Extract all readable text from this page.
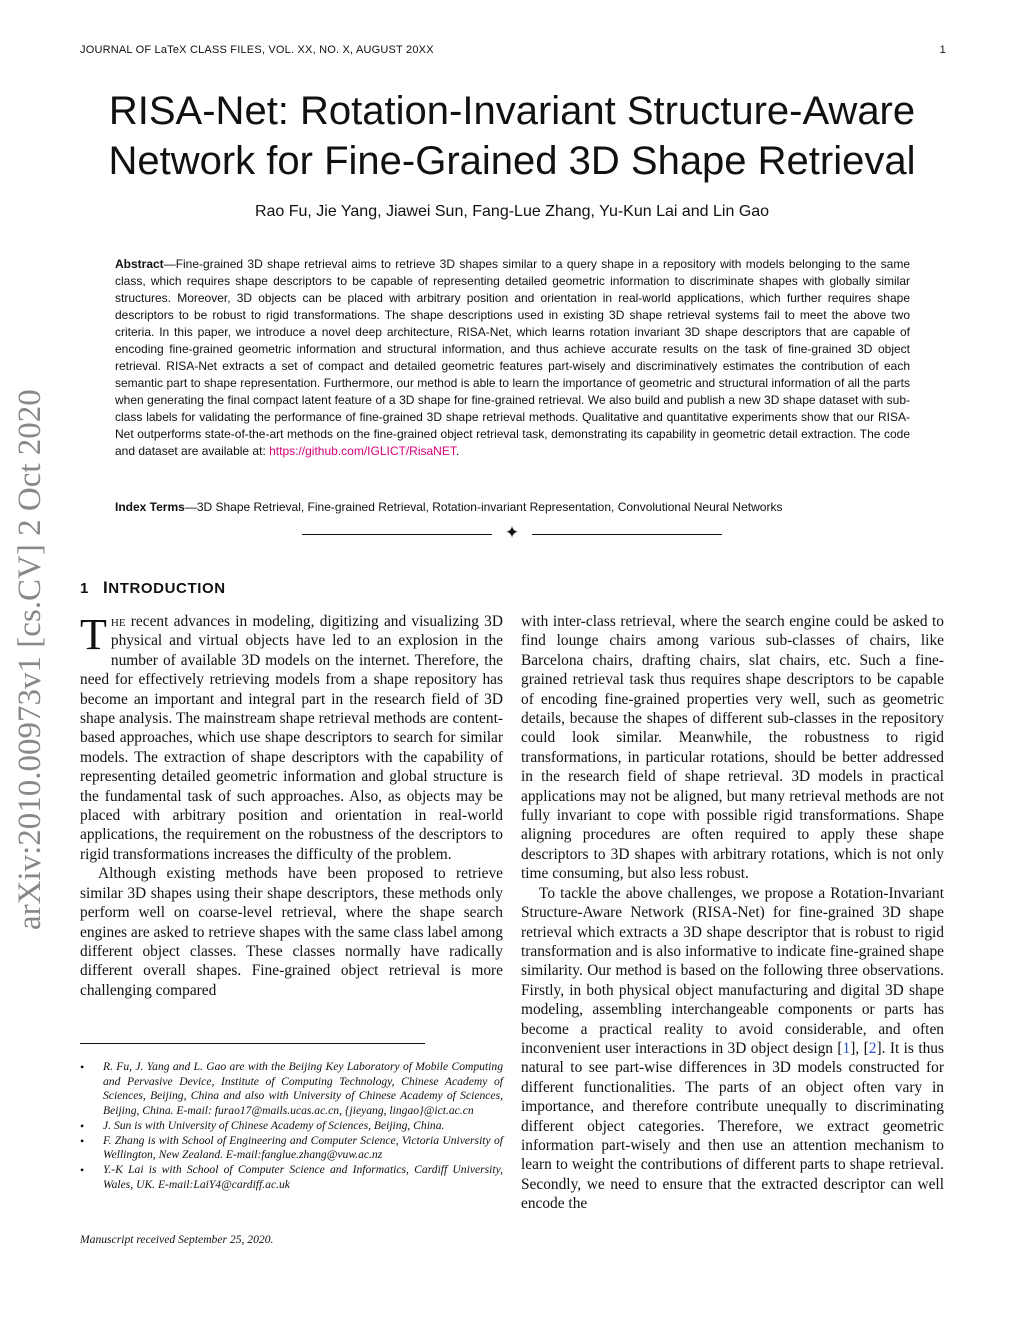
JOURNAL OF LaTeX CLASS FILES, VOL. XX, NO. X, AUGUST 20XX	1
RISA-Net: Rotation-Invariant Structure-Aware Network for Fine-Grained 3D Shape Retrieval
Rao Fu, Jie Yang, Jiawei Sun, Fang-Lue Zhang, Yu-Kun Lai and Lin Gao

Abstract—Fine-grained 3D shape retrieval aims to retrieve 3D shapes similar to a query shape in a repository with models belonging to the same class, which requires shape descriptors to be capable of representing detailed geometric information to discriminate shapes with globally similar structures. Moreover, 3D objects can be placed with arbitrary position and orientation in real-world applications, which further requires shape descriptors to be robust to rigid transformations. The shape descriptions used in existing 3D shape retrieval systems fail to meet the above two criteria. In this paper, we introduce a novel deep architecture, RISA-Net, which learns rotation invariant 3D shape descriptors that are capable of encoding fine-grained geometric information and structural information, and thus achieve accurate results on the task of fine-grained 3D object retrieval. RISA-Net extracts a set of compact and detailed geometric features part-wisely and discriminatively estimates the contribution of each semantic part to shape representation. Furthermore, our method is able to learn the importance of geometric and structural information of all the parts when generating the final compact latent feature of a 3D shape for fine-grained retrieval. We also build and publish a new 3D shape dataset with sub-class labels for validating the performance of fine-grained 3D shape retrieval methods. Qualitative and quantitative experiments show that our RISA-Net outperforms state-of-the-art methods on the fine-grained object retrieval task, demonstrating its capability in geometric detail extraction. The code and dataset are available at: https://github.com/IGLICT/RisaNET.

Index Terms—3D Shape Retrieval, Fine-grained Retrieval, Rotation-invariant Representation, Convolutional Neural Networks

✦
arXiv:2010.00973v1 [cs.CV] 2 Oct 2020	1 INTRODUCTION

The recent advances in modeling, digitizing and visualizing 3D physical and virtual objects have led to an explosion in the number of available 3D models on the internet. Therefore, the need for effectively retrieving models from a shape repository has become an important and integral part in the research field of 3D shape analysis. The mainstream shape retrieval methods are content-based approaches, which use shape descriptors to search for similar models. The extraction of shape descriptors with the capability of representing detailed geometric information and global structure is the fundamental task of such approaches. Also, as objects may be placed with arbitrary position and orientation in real-world applications, the requirement on the robustness of the descriptors to rigid transformations increases the difficulty of the problem.

Although existing methods have been proposed to retrieve similar 3D shapes using their shape descriptors, these methods only perform well on coarse-level retrieval, where the shape search engines are asked to retrieve shapes with the same class label among different object classes. These classes normally have radically different overall shapes. Fine-grained object retrieval is more challenging compared

• R. Fu, J. Yang and L. Gao are with the Beijing Key Laboratory of Mobile Computing and Pervasive Device, Institute of Computing Technology, Chinese Academy of Sciences, Beijing, China and also with University of Chinese Academy of Sciences, Beijing, China. E-mail: furao17@mails.ucas.ac.cn, {jieyang, lingao}@ict.ac.cn
• J. Sun is with University of Chinese Academy of Sciences, Beijing, China.
• F. Zhang is with School of Engineering and Computer Science, Victoria University of Wellington, New Zealand. E-mail:fanglue.zhang@vuw.ac.nz
• Y.-K Lai is with School of Computer Science and Informatics, Cardiff University, Wales, UK. E-mail:LaiY4@cardiff.ac.uk
Manuscript received September 25, 2020.

with inter-class retrieval, where the search engine could be asked to find lounge chairs among various sub-classes of chairs, like Barcelona chairs, drafting chairs, slat chairs, etc. Such a fine-grained retrieval task thus requires shape descriptors to be capable of encoding fine-grained properties very well, such as geometric details, because the shapes of different sub-classes in the repository could look similar. Meanwhile, the robustness to rigid transformations, in particular rotations, should be better addressed in the research field of shape retrieval. 3D models in practical applications may not be aligned, but many retrieval methods are not fully invariant to cope with possible rigid transformations. Shape aligning procedures are often required to apply these shape descriptors to 3D shapes with arbitrary rotations, which is not only time consuming, but also less robust.

To tackle the above challenges, we propose a Rotation-Invariant Structure-Aware Network (RISA-Net) for fine-grained 3D shape retrieval which extracts a 3D shape descriptor that is robust to rigid transformation and is also informative to indicate fine-grained shape similarity. Our method is based on the following three observations. Firstly, in both physical object manufacturing and digital 3D shape modeling, assembling interchangeable components or parts has become a practical reality to avoid considerable, and often inconvenient user interactions in 3D object design [1], [2]. It is thus natural to see part-wise differences in 3D models constructed for different functionalities. The parts of an object often vary in importance, and therefore contribute unequally to discriminating different object categories. Therefore, we extract geometric information part-wisely and then use an attention mechanism to learn to weight the contributions of different parts to shape retrieval. Secondly, we need to ensure that the extracted descriptor can well encode the
